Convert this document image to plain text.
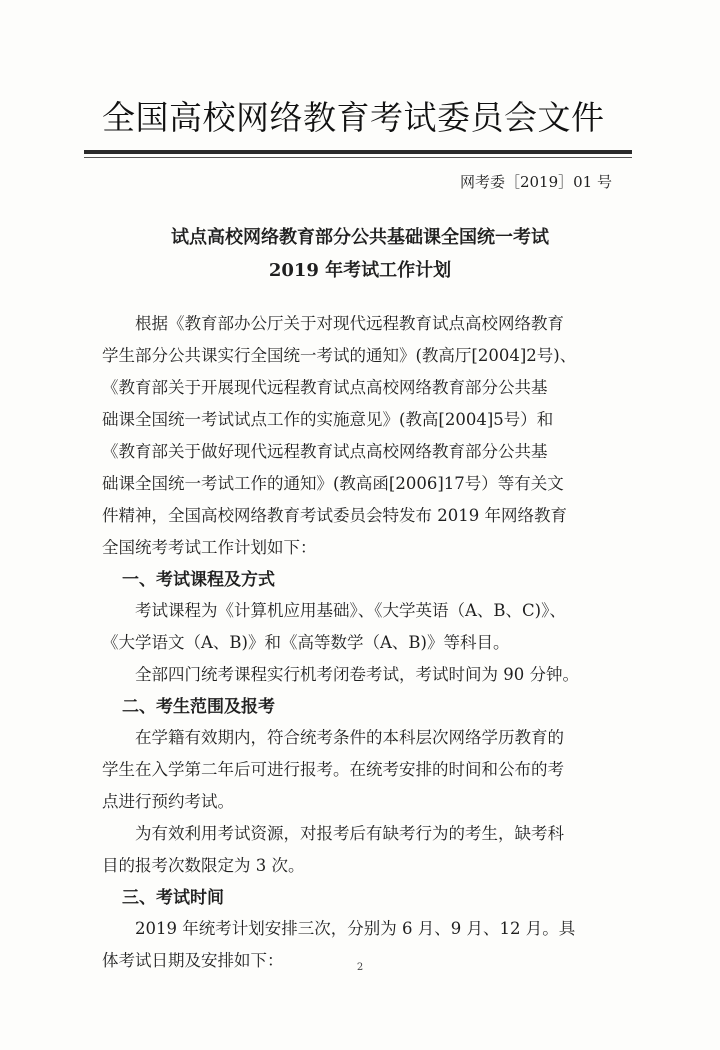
全国高校网络教育考试委员会文件
网考委［2019］01 号
试点高校网络教育部分公共基础课全国统一考试
2019 年考试工作计划
根据《教育部办公厅关于对现代远程教育试点高校网络教育
学生部分公共课实行全国统一考试的通知》(教高厅[2004]2号)、
《教育部关于开展现代远程教育试点高校网络教育部分公共基
础课全国统一考试试点工作的实施意见》(教高[2004]5号）和
《教育部关于做好现代远程教育试点高校网络教育部分公共基
础课全国统一考试工作的通知》(教高函[2006]17号）等有关文
件精神，全国高校网络教育考试委员会特发布 2019 年网络教育
全国统考考试工作计划如下：
一、考试课程及方式
考试课程为《计算机应用基础》、《大学英语（A、B、C)》、
《大学语文（A、B)》和《高等数学（A、B)》等科目。
全部四门统考课程实行机考闭卷考试，考试时间为 90 分钟。
二、考生范围及报考
在学籍有效期内，符合统考条件的本科层次网络学历教育的
学生在入学第二年后可进行报考。在统考安排的时间和公布的考
点进行预约考试。
为有效利用考试资源，对报考后有缺考行为的考生，缺考科
目的报考次数限定为 3 次。
三、考试时间
2019 年统考计划安排三次，分别为 6 月、9 月、12 月。具
体考试日期及安排如下：	2
